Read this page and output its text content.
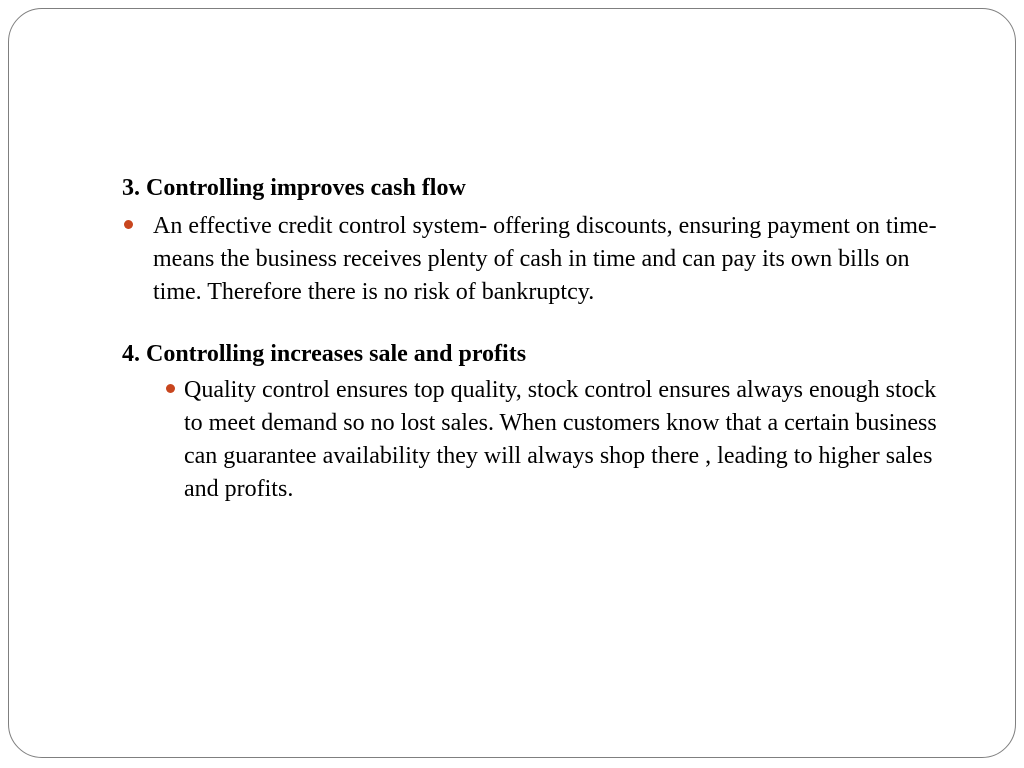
3. Controlling improves cash flow

An effective credit control system- offering discounts, ensuring payment on time- means the business receives plenty of cash in time and can pay its own bills on time. Therefore there is no risk of bankruptcy.

4. Controlling increases sale and profits

Quality control ensures top quality, stock control ensures always enough stock to meet demand so no lost sales. When customers know that a certain business can guarantee availability they will always shop there , leading to higher sales and profits.
